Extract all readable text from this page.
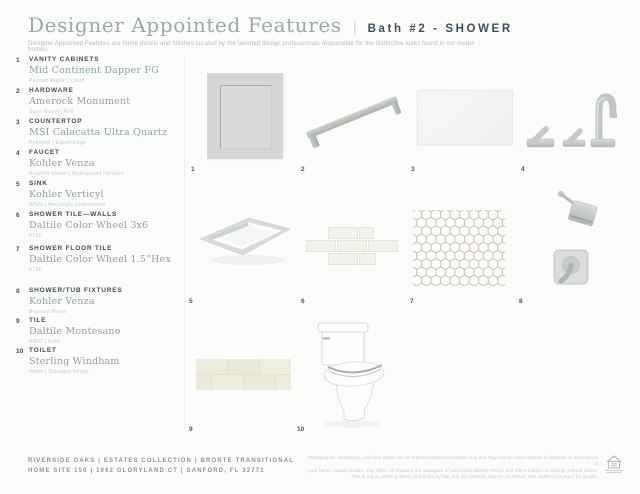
Designer Appointed Features | Bath #2 - SHOWER
Designer Appointed Features are home details and finishes curated by the talented design professionals responsible for the distinctive looks found in our model homes.
1	VANITY CABINETS
Mid Continent Dapper FG
Painted Maple | Cloud
2	HARDWARE
Amerock Monument
Satin Nickel | Pull
3	COUNTERTOP
MSI Calacatta Ultra Quartz
Polished | Eased Edge
4	FAUCET
Kohler Venza
Brushed Nickel | Widespread Handles
5	SINK
Kohler Verticyl
White | Rectangle Undermount
6	SHOWER TILE—WALLS
Daltile Color Wheel 3x6
K790
7	SHOWER FLOOR TILE
Daltile Color Wheel 1.5”Hex
K790
8	SHOWER/TUB FIXTURES
Kohler Venza
Brushed Nickel
9	TILE
Daltile Montesano
BM02 | 8x48
10 TOILET
Sterling Windham
White | Standard Height
1	2	3	4
5	6	7	8
9	10
RIVERSIDE OAKS | ESTATES COLLECTION | BRONTE TRANSITIONAL
HOME SITE 150 | 1062 GLORYLAND CT | SANFORD, FL 32771
Photographs, renderings, and floor plans are for representational purposes only and may not be exact replicas of features or dimensions of
your home. Actual product may differ. All features are examples of selections offered. Prices and offers subject to change without notice.
This is not an offering where prohibited by law. Not all materials may be as shown. See Sales Consultant for details.
